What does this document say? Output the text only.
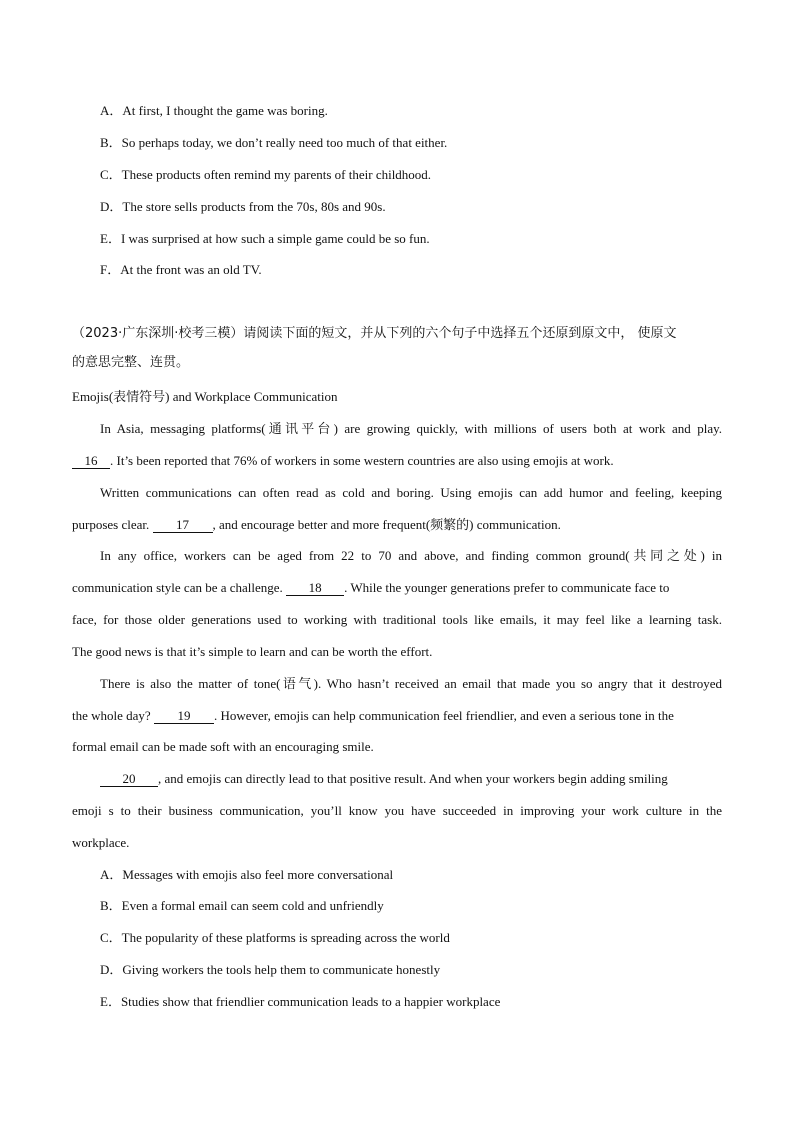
A．At first, I thought the game was boring.
B．So perhaps today, we don’t really need too much of that either.
C．These products often remind my parents of their childhood.
D．The store sells products from the 70s, 80s and 90s.
E．I was surprised at how such a simple game could be so fun.
F．At the front was an old TV.
（2023·广东深圳·校考三模）请阅读下面的短文，并从下列的六个句子中选择五个还原到原文中， 使原文
的意思完整、连贯。
Emojis(表情符号) and Workplace Communication
In Asia, messaging platforms(通讯平台) are growing quickly, with millions of users both at work and play.
16 . It’s been reported that 76% of workers in some western countries are also using emojis at work.
Written communications can often read as cold and boring. Using emojis can add humor and feeling, keeping
purposes clear. 17 , and encourage better and more frequent(频繁的) communication.
In any office, workers can be aged from 22 to 70 and above, and finding common ground(共同之处) in
communication style can be a challenge. 18 . While the younger generations prefer to communicate face to
face, for those older generations used to working with traditional tools like emails, it may feel like a learning task.
The good news is that it’s simple to learn and can be worth the effort.
There is also the matter of tone(语气). Who hasn’t received an email that made you so angry that it destroyed
the whole day? 19 . However, emojis can help communication feel friendlier, and even a serious tone in the
formal email can be made soft with an encouraging smile.
20 , and emojis can directly lead to that positive result. And when your workers begin adding smiling
emoji s to their business communication, you’ll know you have succeeded in improving your work culture in the
workplace.
A．Messages with emojis also feel more conversational
B．Even a formal email can seem cold and unfriendly
C．The popularity of these platforms is spreading across the world
D．Giving workers the tools help them to communicate honestly
E．Studies show that friendlier communication leads to a happier workplace
